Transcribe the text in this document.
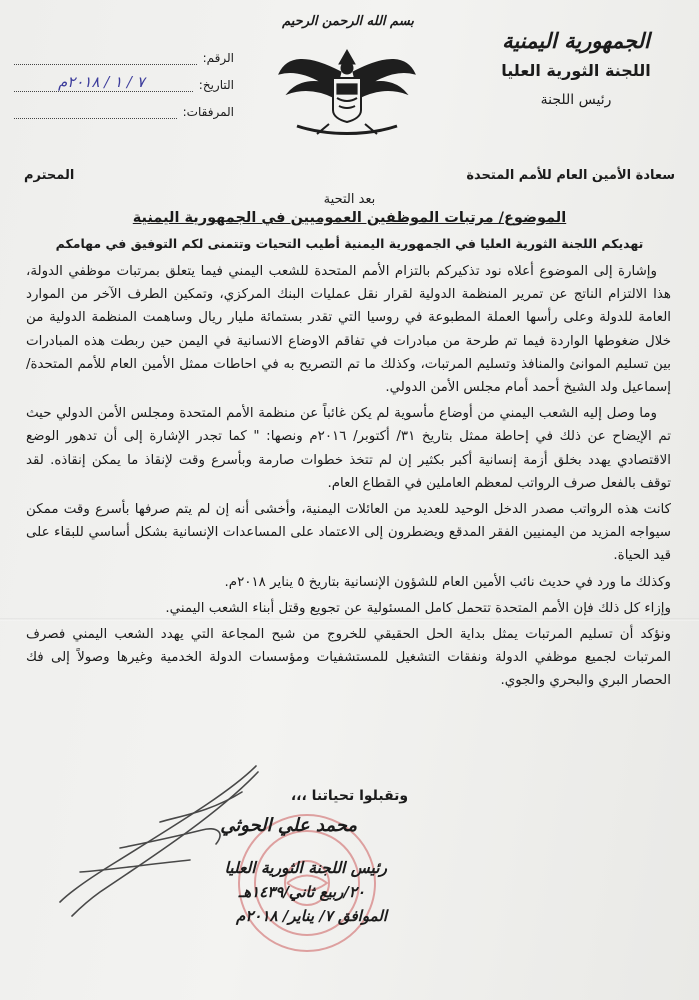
الجمهورية اليمنية
اللجنة الثورية العليا
رئيس اللجنة
بسم الله الرحمن الرحيم
الرقم:
التاريخ:
٧ / ١ / ٢٠١٨م
المرفقات:
سعادة الأمين العام للأمم المتحدة
المحترم
بعد التحية
الموضوع/ مرتبات الموظفين العموميين في الجمهورية اليمنية
تهديكم اللجنة الثورية العليا في الجمهورية اليمنية أطيب التحيات وتتمنى لكم التوفيق في مهامكم

وإشارة إلى الموضوع أعلاه نود تذكيركم بالتزام الأمم المتحدة للشعب اليمني فيما يتعلق بمرتبات موظفي الدولة، هذا الالتزام الناتج عن تمرير المنظمة الدولية لقرار نقل عمليات البنك المركزي، وتمكين الطرف الآخر من الموارد العامة للدولة وعلى رأسها العملة المطبوعة في روسيا التي تقدر بستمائة مليار ريال وساهمت المنظمة الدولية من خلال ضغوطها الواردة فيما تم طرحة من مبادرات في تفاقم الاوضاع الانسانية في اليمن حين ربطت هذه المبادرات بين تسليم الموانئ والمنافذ وتسليم المرتبات، وكذلك ما تم التصريح به في احاطات ممثل الأمين العام للأمم المتحدة/ إسماعيل ولد الشيخ أحمد أمام مجلس الأمن الدولي.

وما وصل إليه الشعب اليمني من أوضاع مأسوية لم يكن غائباً عن منظمة الأمم المتحدة ومجلس الأمن الدولي حيث تم الإيضاح عن ذلك في إحاطة ممثل بتاريخ ٣١/ أكتوبر/ ٢٠١٦م ونصها: " كما تجدر الإشارة إلى أن تدهور الوضع الاقتصادي يهدد بخلق أزمة إنسانية أكبر بكثير إن لم تتخذ خطوات صارمة وبأسرع وقت لإنقاذ ما يمكن إنقاذه. لقد توقف بالفعل صرف الرواتب لمعظم العاملين في القطاع العام.

كانت هذه الرواتب مصدر الدخل الوحيد للعديد من العائلات اليمنية، وأخشى أنه إن لم يتم صرفها بأسرع وقت ممكن سيواجه المزيد من اليمنيين الفقر المدقع ويضطرون إلى الاعتماد على المساعدات الإنسانية بشكل أساسي للبقاء على قيد الحياة.

وكذلك ما ورد في حديث نائب الأمين العام للشؤون الإنسانية بتاريخ ٥ يناير ٢٠١٨م.

وإزاء كل ذلك فإن الأمم المتحدة تتحمل كامل المسئولية عن تجويع وقتل أبناء الشعب اليمني.

ونؤكد أن تسليم المرتبات يمثل بداية الحل الحقيقي للخروج من شبح المجاعة التي يهدد الشعب اليمني فصرف المرتبات لجميع موظفي الدولة ونفقات التشغيل للمستشفيات ومؤسسات الدولة الخدمية وغيرها وصولاً إلى فك الحصار البري والبحري والجوي.

وتقبلوا تحياتنا ،،،
محمد علي الحوثي
رئيس اللجنة الثورية العليا
٢٠/ربيع ثاني/١٤٣٩هـ
الموافق ٧/ يناير/ ٢٠١٨م
